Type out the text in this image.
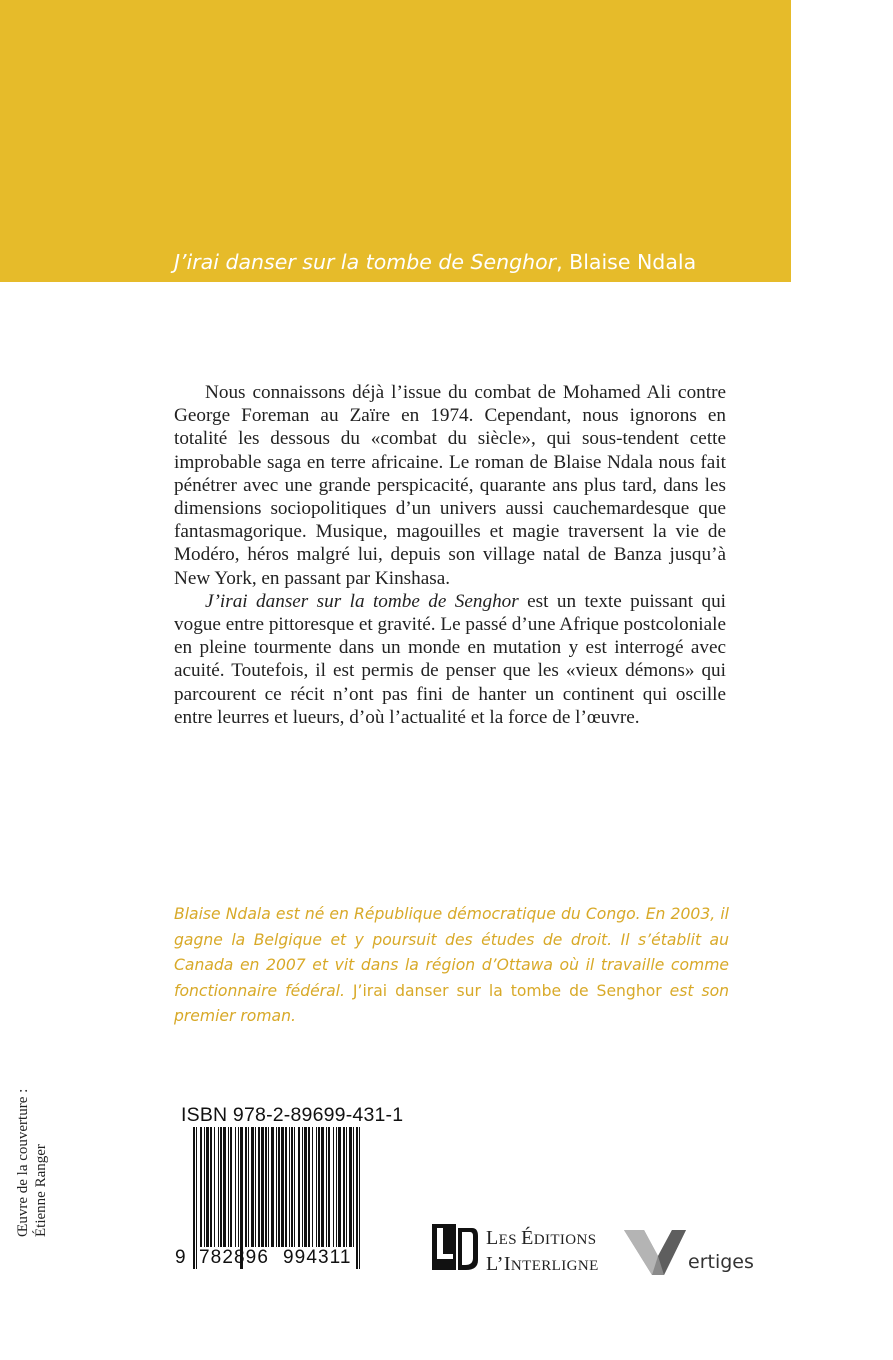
J’irai danser sur la tombe de Senghor, Blaise Ndala

Nous connaissons déjà l’issue du combat de Mohamed Ali contre George Foreman au Zaïre en 1974. Cependant, nous ignorons en totalité les dessous du «combat du siècle», qui sous-tendent cette improbable saga en terre africaine. Le roman de Blaise Ndala nous fait pénétrer avec une grande perspicacité, quarante ans plus tard, dans les dimensions sociopolitiques d’un univers aussi cauchemardesque que fantasmagorique. Musique, magouilles et magie traversent la vie de Modéro, héros malgré lui, depuis son village natal de Banza jusqu’à New York, en passant par Kinshasa.

J’irai danser sur la tombe de Senghor est un texte puissant qui vogue entre pittoresque et gravité. Le passé d’une Afrique postcoloniale en pleine tourmente dans un monde en mutation y est interrogé avec acuité. Toutefois, il est permis de penser que les «vieux démons» qui parcourent ce récit n’ont pas fini de hanter un continent qui oscille entre leurres et lueurs, d’où l’actualité et la force de l’œuvre.

Blaise Ndala est né en République démocratique du Congo. En 2003, il gagne la Belgique et y poursuit des études de droit. Il s’établit au Canada en 2007 et vit dans la région d’Ottawa où il travaille comme fonctionnaire fédéral. J’irai danser sur la tombe de Senghor est son premier roman.
Œuvre de la couverture : Étienne Ranger
ISBN 978-2-89699-431-1
9 782896 994311
LES ÉDITIONS
L’INTERLIGNE	ertiges
